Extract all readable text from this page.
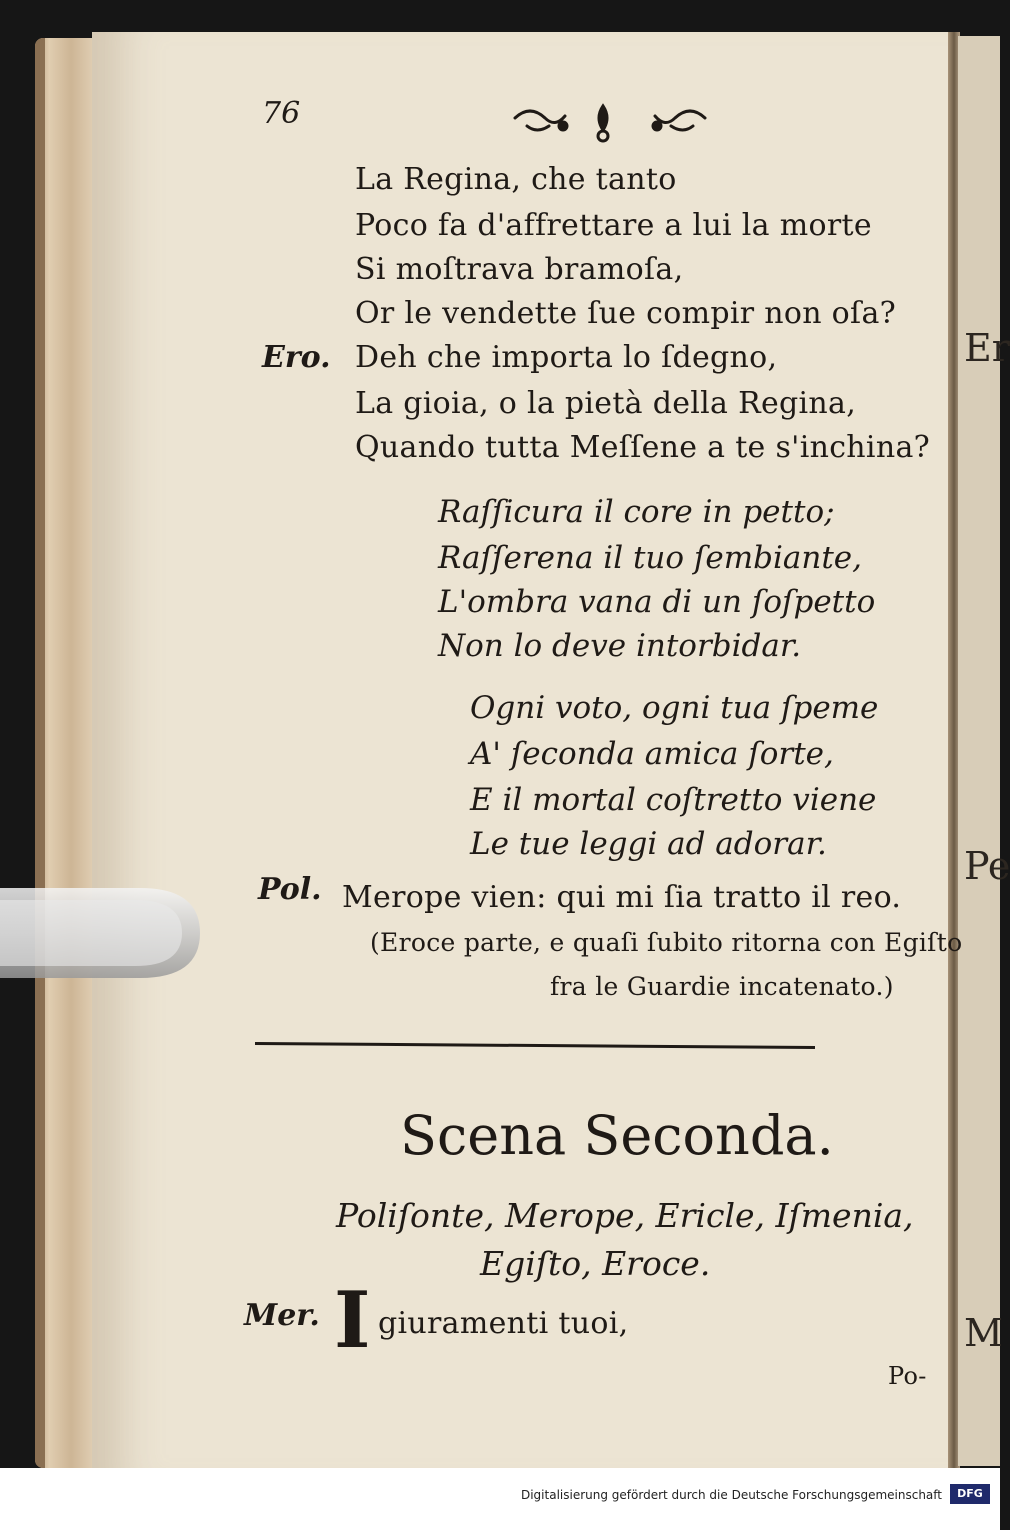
Er
Pe
M
76
La Regina, che tanto
Poco fa d'affrettare a lui la morte
Si moſtrava bramoſa,
Or le vendette ſue compir non oſa?
Ero. Deh che importa lo ſdegno,
La gioia, o la pietà della Regina,
Quando tutta Meſſene a te s'inchina?
Raſſicura il core in petto;
Raſſerena il tuo ſembiante,
L'ombra vana di un ſoſpetto
Non lo deve intorbidar.
Ogni voto, ogni tua ſpeme
A' ſeconda amica ſorte,
E il mortal coſtretto viene
Le tue leggi ad adorar.
Pol. Merope vien: qui mi ſia tratto il reo.
(Eroce parte, e quaſi ſubito ritorna con Egiſto
fra le Guardie incatenato.)
Scena Seconda.
Poliſonte, Merope, Ericle, Iſmenia,
Egiſto, Eroce.
Mer. I giuramenti tuoi,
Po-
Digitalisierung gefördert durch die Deutsche Forschungsgemeinschaft	DFG
